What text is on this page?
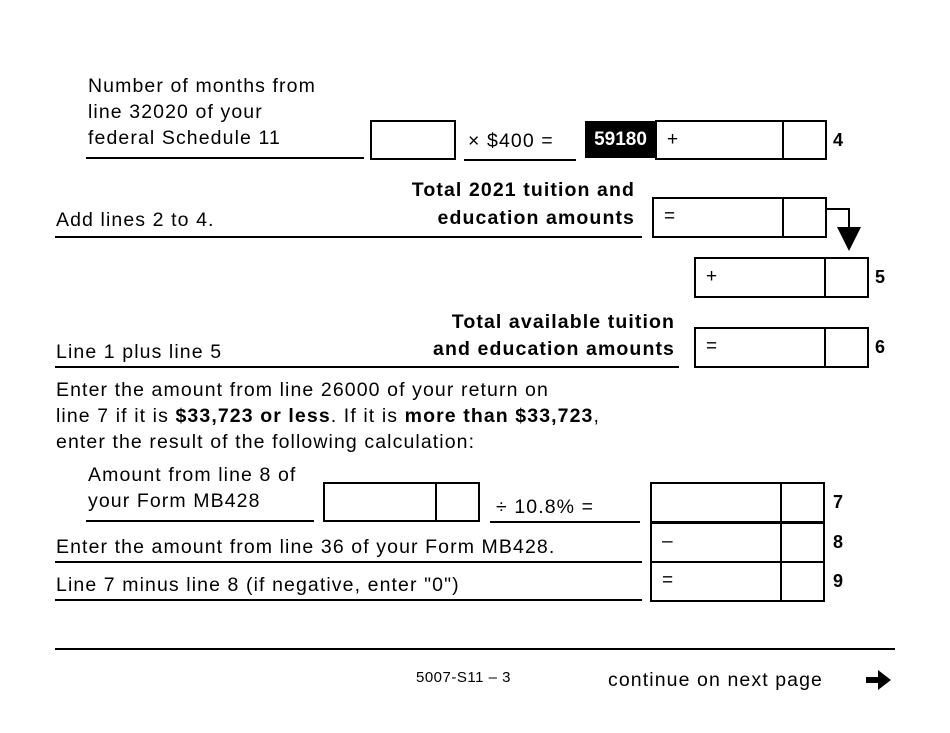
Number of months from
line 32020 of your
federal Schedule 11	× $400 =	59180	+	4
Total 2021 tuition and
education amounts
Add lines 2 to 4.	=
+	5
Total available tuition
and education amounts
Line 1 plus line 5	=	6
Enter the amount from line 26000 of your return on
line 7 if it is $33,723 or less. If it is more than $33,723,
enter the result of the following calculation:
Amount from line 8 of
your Form MB428	÷ 10.8% =	7
Enter the amount from line 36 of your Form MB428.	–	8
Line 7 minus line 8 (if negative, enter "0")	=	9
5007-S11 – 3	continue on next page
